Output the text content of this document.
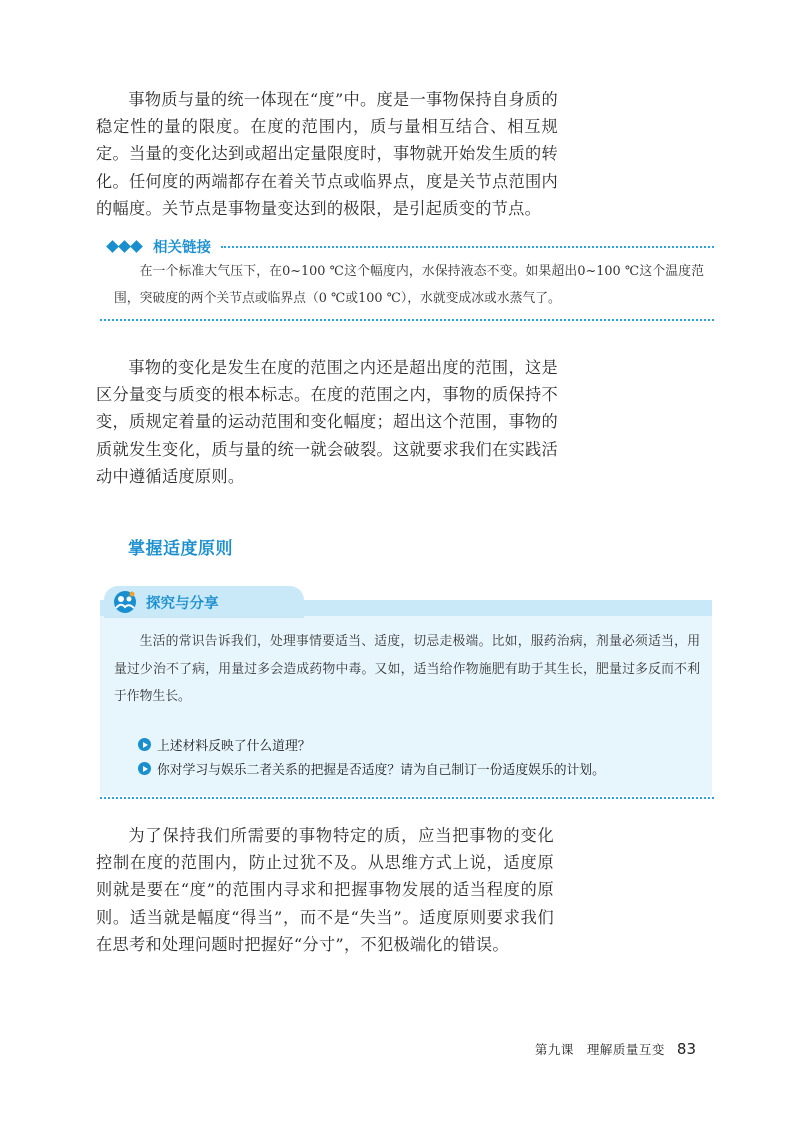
事物质与量的统一体现在“度”中。度是一事物保持自身质的稳定性的量的限度。在度的范围内，质与量相互结合、相互规定。当量的变化达到或超出定量限度时，事物就开始发生质的转化。任何度的两端都存在着关节点或临界点，度是关节点范围内的幅度。关节点是事物量变达到的极限，是引起质变的节点。
相关链接
在一个标准大气压下，在0~100 ℃这个幅度内，水保持液态不变。如果超出0~100 ℃这个温度范围，突破度的两个关节点或临界点（0 ℃或100 ℃），水就变成冰或水蒸气了。
事物的变化是发生在度的范围之内还是超出度的范围，这是区分量变与质变的根本标志。在度的范围之内，事物的质保持不变，质规定着量的运动范围和变化幅度；超出这个范围，事物的质就发生变化，质与量的统一就会破裂。这就要求我们在实践活动中遵循适度原则。
掌握适度原则
探究与分享
生活的常识告诉我们，处理事情要适当、适度，切忌走极端。比如，服药治病，剂量必须适当，用量过少治不了病，用量过多会造成药物中毒。又如，适当给作物施肥有助于其生长，肥量过多反而不利于作物生长。
上述材料反映了什么道理？
你对学习与娱乐二者关系的把握是否适度？请为自己制订一份适度娱乐的计划。
为了保持我们所需要的事物特定的质，应当把事物的变化控制在度的范围内，防止过犹不及。从思维方式上说，适度原则就是要在“度”的范围内寻求和把握事物发展的适当程度的原则。适当就是幅度“得当”，而不是“失当”。适度原则要求我们在思考和处理问题时把握好“分寸”，不犯极端化的错误。
第九课　理解质量互变 83
